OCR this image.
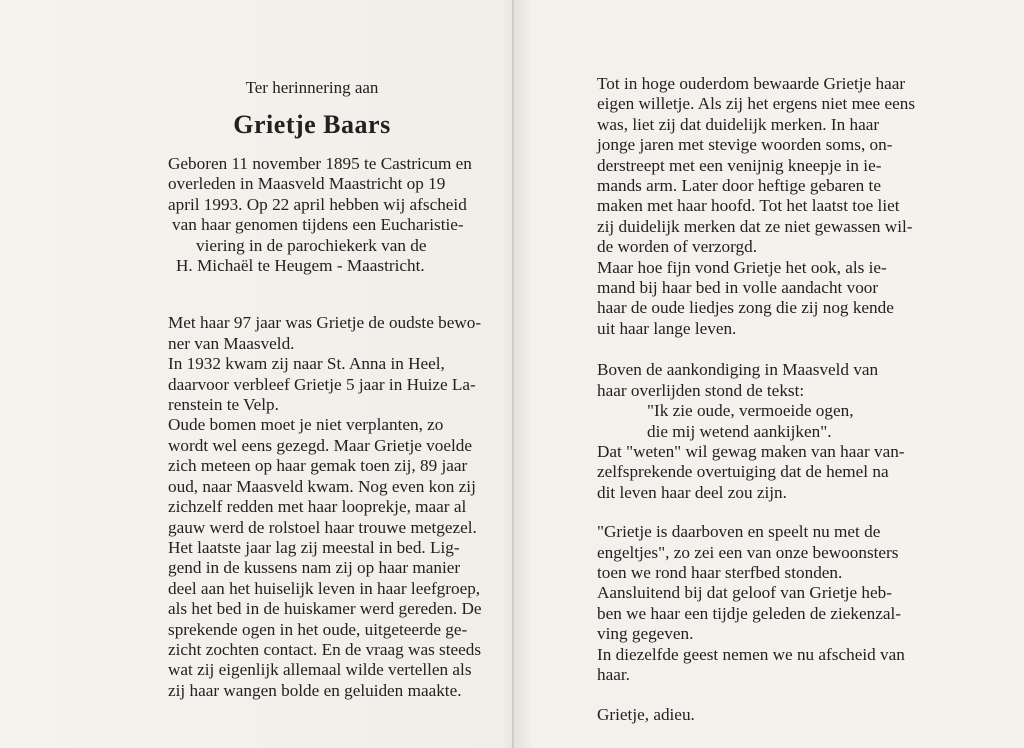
Ter herinnering aan
Grietje Baars
Geboren 11 november 1895 te Castricum en
overleden in Maasveld Maastricht op 19
april 1993. Op 22 april hebben wij afscheid
van haar genomen tijdens een Eucharistie-
viering in de parochiekerk van de
H. Michaël te Heugem - Maastricht.
Met haar 97 jaar was Grietje de oudste bewo-
ner van Maasveld.
In 1932 kwam zij naar St. Anna in Heel,
daarvoor verbleef Grietje 5 jaar in Huize La-
renstein te Velp.
Oude bomen moet je niet verplanten, zo
wordt wel eens gezegd. Maar Grietje voelde
zich meteen op haar gemak toen zij, 89 jaar
oud, naar Maasveld kwam. Nog even kon zij
zichzelf redden met haar looprekje, maar al
gauw werd de rolstoel haar trouwe metgezel.
Het laatste jaar lag zij meestal in bed. Lig-
gend in de kussens nam zij op haar manier
deel aan het huiselijk leven in haar leefgroep,
als het bed in de huiskamer werd gereden. De
sprekende ogen in het oude, uitgeteerde ge-
zicht zochten contact. En de vraag was steeds
wat zij eigenlijk allemaal wilde vertellen als
zij haar wangen bolde en geluiden maakte.
Tot in hoge ouderdom bewaarde Grietje haar
eigen willetje. Als zij het ergens niet mee eens
was, liet zij dat duidelijk merken. In haar
jonge jaren met stevige woorden soms, on-
derstreept met een venijnig kneepje in ie-
mands arm. Later door heftige gebaren te
maken met haar hoofd. Tot het laatst toe liet
zij duidelijk merken dat ze niet gewassen wil-
de worden of verzorgd.
Maar hoe fijn vond Grietje het ook, als ie-
mand bij haar bed in volle aandacht voor
haar de oude liedjes zong die zij nog kende
uit haar lange leven.
Boven de aankondiging in Maasveld van
haar overlijden stond de tekst:
"Ik zie oude, vermoeide ogen,
die mij wetend aankijken".
Dat "weten" wil gewag maken van haar van-
zelfsprekende overtuiging dat de hemel na
dit leven haar deel zou zijn.
"Grietje is daarboven en speelt nu met de
engeltjes", zo zei een van onze bewoonsters
toen we rond haar sterfbed stonden.
Aansluitend bij dat geloof van Grietje heb-
ben we haar een tijdje geleden de ziekenzal-
ving gegeven.
In diezelfde geest nemen we nu afscheid van
haar.
Grietje, adieu.
